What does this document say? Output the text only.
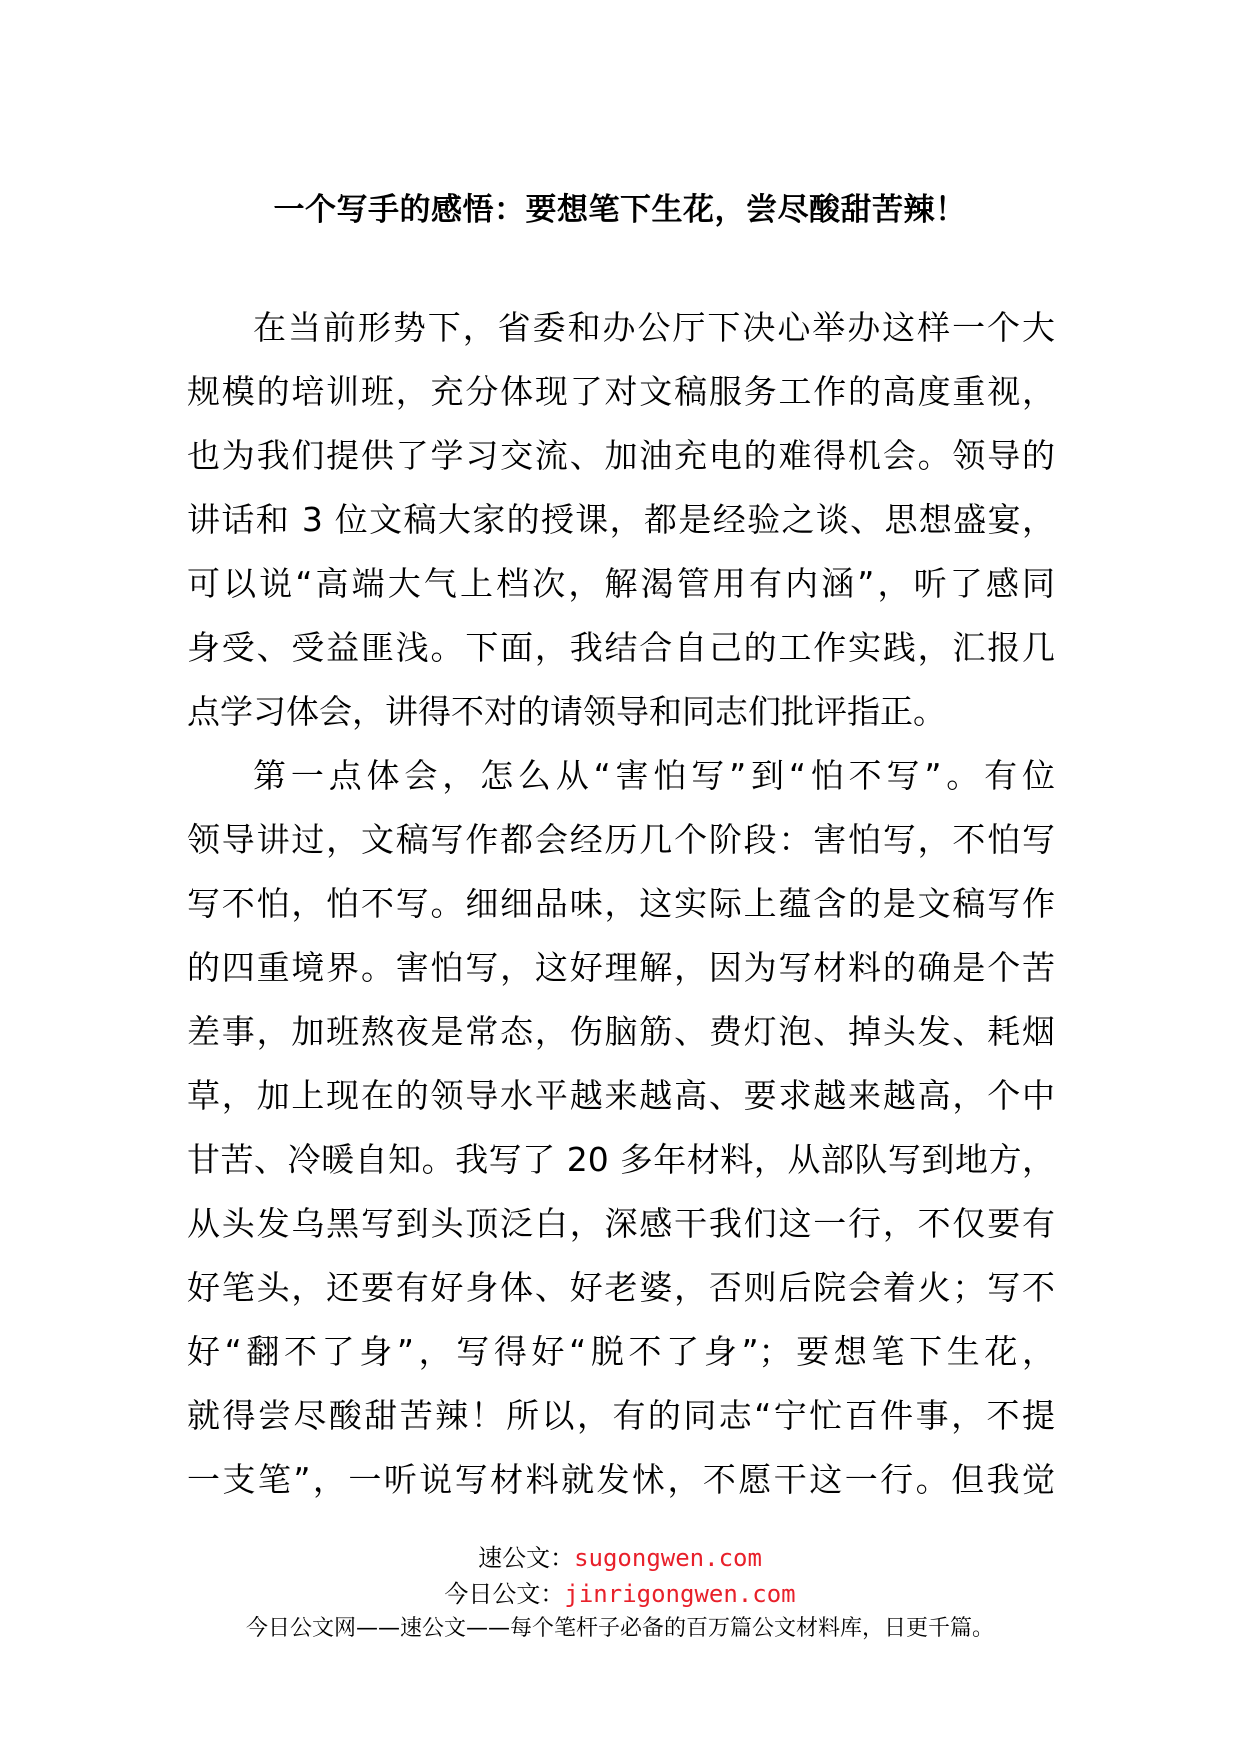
一个写手的感悟：要想笔下生花，尝尽酸甜苦辣！
在当前形势下，省委和办公厅下决心举办这样一个大
规模的培训班，充分体现了对文稿服务工作的高度重视，
也为我们提供了学习交流、加油充电的难得机会。领导的
讲话和 3 位文稿大家的授课，都是经验之谈、思想盛宴，
可以说“高端大气上档次，解渴管用有内涵”，听了感同
身受、受益匪浅。下面，我结合自己的工作实践，汇报几
点学习体会，讲得不对的请领导和同志们批评指正。
第一点体会，怎么从“害怕写”到“怕不写”。有位
领导讲过，文稿写作都会经历几个阶段：害怕写，不怕写
写不怕，怕不写。细细品味，这实际上蕴含的是文稿写作
的四重境界。害怕写，这好理解，因为写材料的确是个苦
差事，加班熬夜是常态，伤脑筋、费灯泡、掉头发、耗烟
草，加上现在的领导水平越来越高、要求越来越高，个中
甘苦、冷暖自知。我写了 20 多年材料，从部队写到地方，
从头发乌黑写到头顶泛白，深感干我们这一行，不仅要有
好笔头，还要有好身体、好老婆，否则后院会着火；写不
好“翻不了身”，写得好“脱不了身”；要想笔下生花，
就得尝尽酸甜苦辣！所以，有的同志“宁忙百件事，不提
一支笔”，一听说写材料就发怵，不愿干这一行。但我觉
速公文：sugongwen.com
今日公文：jinrigongwen.com
今日公文网——速公文——每个笔杆子必备的百万篇公文材料库，日更千篇。
